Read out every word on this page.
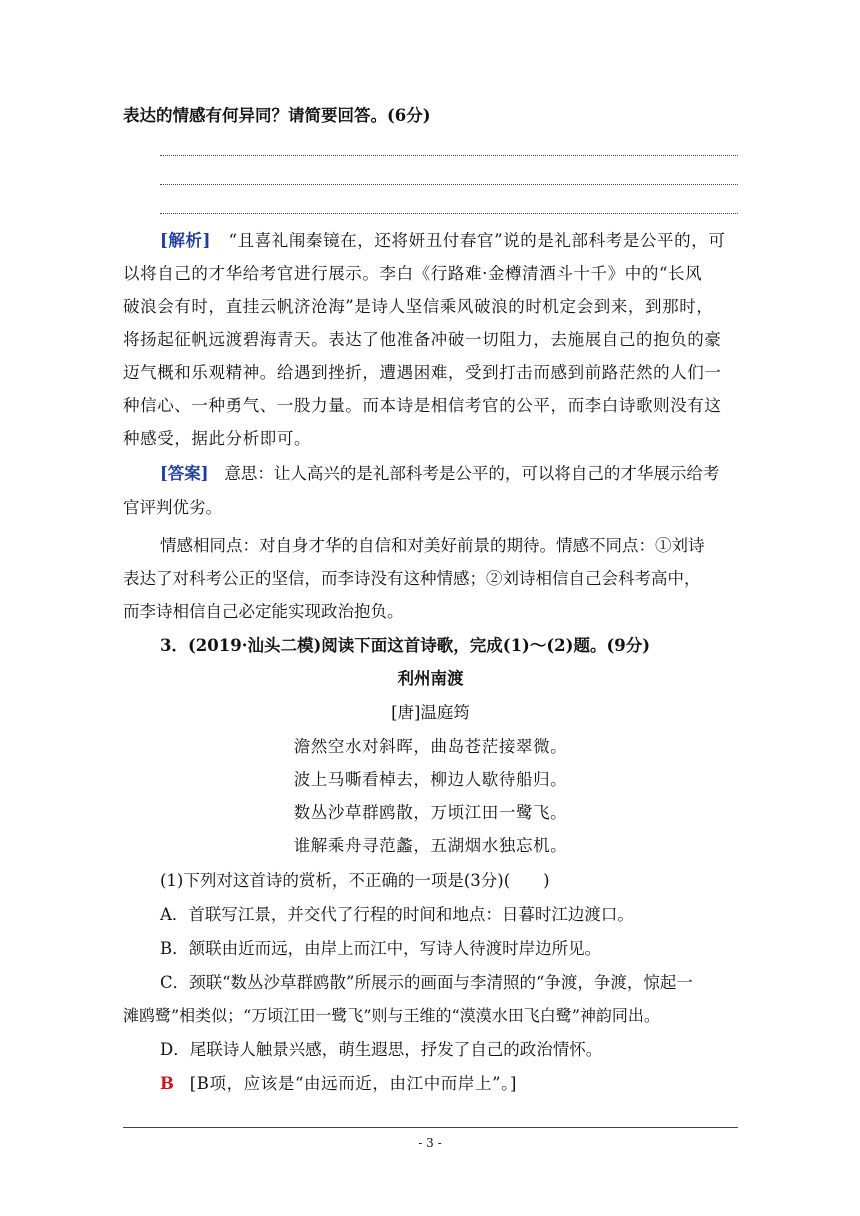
表达的情感有何异同？请简要回答。(6分)
[解析] “且喜礼闱秦镜在，还将妍丑付春官”说的是礼部科考是公平的，可
以将自己的才华给考官进行展示。李白《行路难·金樽清酒斗十千》中的“长风
破浪会有时，直挂云帆济沧海”是诗人坚信乘风破浪的时机定会到来，到那时，
将扬起征帆远渡碧海青天。表达了他准备冲破一切阻力，去施展自己的抱负的豪
迈气概和乐观精神。给遇到挫折，遭遇困难，受到打击而感到前路茫然的人们一
种信心、一种勇气、一股力量。而本诗是相信考官的公平，而李白诗歌则没有这
种感受，据此分析即可。
[答案] 意思：让人高兴的是礼部科考是公平的，可以将自己的才华展示给考
官评判优劣。
情感相同点：对自身才华的自信和对美好前景的期待。情感不同点：①刘诗
表达了对科考公正的坚信，而李诗没有这种情感；②刘诗相信自己会科考高中，
而李诗相信自己必定能实现政治抱负。
3．(2019·汕头二模)阅读下面这首诗歌，完成(1)～(2)题。(9分)
利州南渡
[唐]温庭筠
澹然空水对斜晖，曲岛苍茫接翠微。
波上马嘶看棹去，柳边人歇待船归。
数丛沙草群鸥散，万顷江田一鹭飞。
谁解乘舟寻范蠡，五湖烟水独忘机。
(1)下列对这首诗的赏析，不正确的一项是(3分)(　　)
A．首联写江景，并交代了行程的时间和地点：日暮时江边渡口。
B．颔联由近而远，由岸上而江中，写诗人待渡时岸边所见。
C．颈联“数丛沙草群鸥散”所展示的画面与李清照的“争渡，争渡，惊起一
滩鸥鹭”相类似；“万顷江田一鹭飞”则与王维的“漠漠水田飞白鹭”神韵同出。
D．尾联诗人触景兴感，萌生遐思，抒发了自己的政治情怀。
B [B项，应该是“由远而近，由江中而岸上”。]
- 3 -
